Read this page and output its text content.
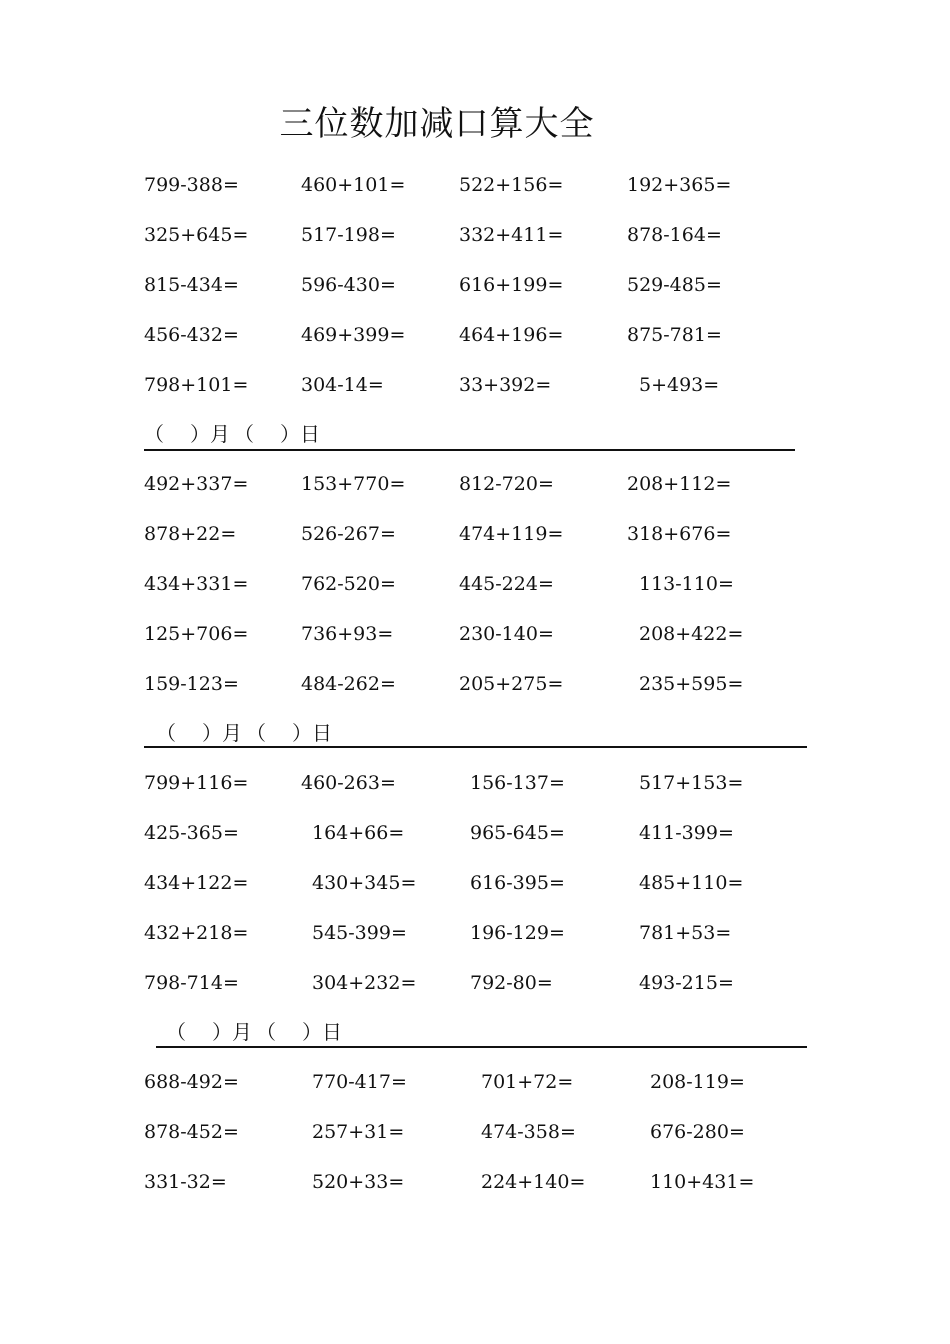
三位数加减口算大全
799-388=	460+101=	522+156=	192+365=
325+645=	517-198=	332+411=	878-164=
815-434=	596-430=	616+199=	529-485=
456-432=	469+399=	464+196=	875-781=
798+101=	304-14=	33+392=	5+493=
（ ）月 （ ）日
492+337=	153+770=	812-720=	208+112=
878+22=	526-267=	474+119=	318+676=
434+331=	762-520=	445-224=	113-110=
125+706=	736+93=	230-140=	208+422=
159-123=	484-262=	205+275=	235+595=
（ ）月 （ ）日
799+116=	460-263=	156-137=	517+153=
425-365=	164+66=	965-645=	411-399=
434+122=	430+345=	616-395=	485+110=
432+218=	545-399=	196-129=	781+53=
798-714=	304+232=	792-80=	493-215=
（ ）月 （ ）日
688-492=	770-417=	701+72=	208-119=
878-452=	257+31=	474-358=	676-280=
331-32=	520+33=	224+140=	110+431=
